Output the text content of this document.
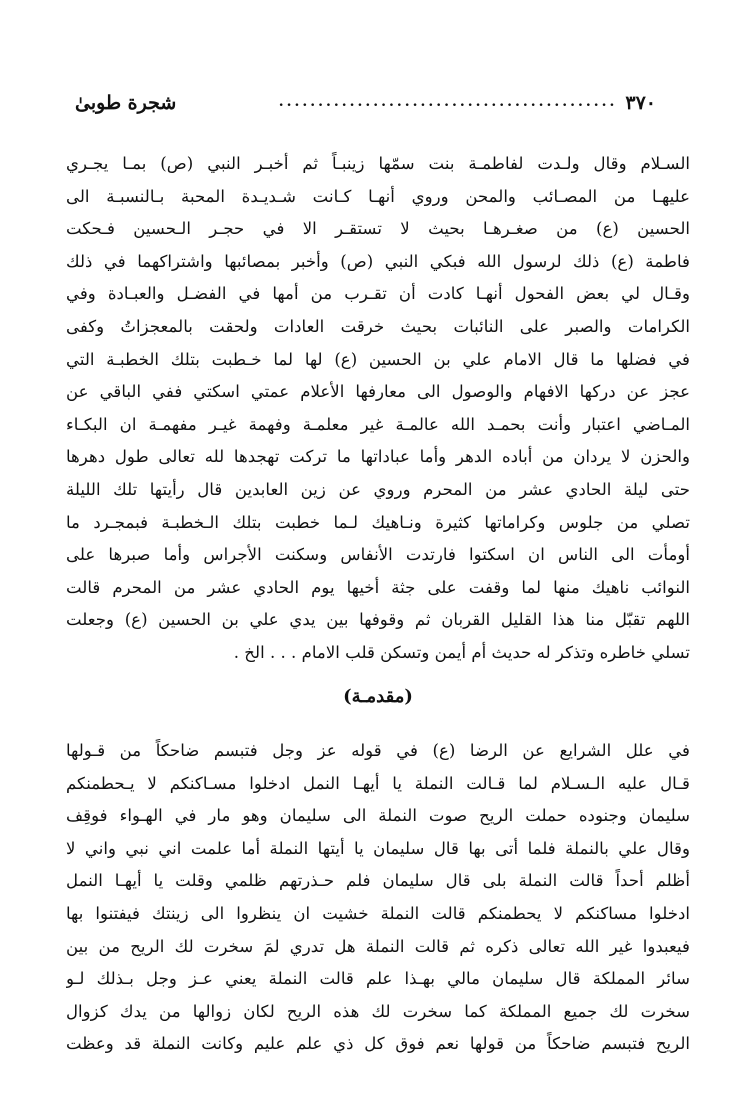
٣٧٠
...........................................
شجرة طوبىٰ
السـلام وقال ولـدت لفاطمـة بنت سمّها زينبـاً ثم أخبـر النبي (ص) بمـا يجـري
عليهـا من المصـائب والمحن وروي أنهـا كـانت شـديـدة المحبة بـالنسبـة الى
الحسين (ع) من صغـرهـا بحيث لا تستقـر الا في حجـر الـحسين فـحكت
فاطمة (ع) ذلك لرسول الله فبكي النبي (ص) وأخبر بمصائبها واشتراكهما في ذلك
وقـال لي بعض الفحول أنهـا كادت أن تقـرب من أمها في الفضـل والعبـادة وفي
الكرامات والصبر على النائبات بحيث خرقت العادات ولحقت بالمعجزاتُ وكفى
في فضلها ما قال الامام علي بن الحسين (ع) لها لما خـطبت بتلك الخطبـة التي
عجز عن دركها الافهام والوصول الى معارفها الأعلام عمتي اسكتي ففي الباقي عن
المـاضي اعتبار وأنت بحمـد الله عالمـة غير معلمـة وفهمة غيـر مفهمـة ان البكـاء
والحزن لا يردان من أباده الدهر وأما عباداتها ما تركت تهجدها لله تعالى طول دهرها
حتى ليلة الحادي عشر من المحرم وروي عن زين العابدين قال رأيتها تلك الليلة
تصلي من جلوس وكراماتها كثيرة ونـاهيك لـما خطبت بتلك الـخطبـة فبمجـرد ما
أومأت الى الناس ان اسكتوا فارتدت الأنفاس وسكنت الأجراس وأما صبرها على
النوائب ناهيك منها لما وقفت على جثة أخيها يوم الحادي عشر من المحرم قالت
اللهم تقبّل منا هذا القليل القربان ثم وقوفها بين يدي علي بن الحسين (ع) وجعلت
تسلي خاطره وتذكر له حديث أم أيمن وتسكن قلب الامام . . . الخ .
(مقدمـة)
في علل الشرايع عن الرضا (ع) في قوله عز وجل فتبسم ضاحكاً من قـولها
قـال عليه الـسـلام لما قـالت النملة يا أيهـا النمل ادخلوا مسـاكنكم لا يـحطمنكم
سليمان وجنوده حملت الريح صوت النملة الى سليمان وهو مار في الهـواء فوقِف
وقال علي بالنملة فلما أتى بها قال سليمان يا أيتها النملة أما علمت اني نبي واني لا
أظلم أحداً قالت النملة بلى قال سليمان فلم حـذرتهم ظلمي وقلت يا أيهـا النمل
ادخلوا مساكنكم لا يحطمنكم قالت النملة خشيت ان ينظروا الى زينتك فيفتنوا بها
فيعبدوا غير الله تعالى ذكره ثم قالت النملة هل تدري لمَ سخرت لك الريح من بين
سائر المملكة قال سليمان مالي بهـذا علم قالت النملة يعني عـز وجل بـذلك لـو
سخرت لك جميع المملكة كما سخرت لك هذه الريح لكان زوالها من يدك كزوال
الريح فتبسم ضاحكاً من قولها نعم فوق كل ذي علم عليم وكانت النملة قد وعظت
